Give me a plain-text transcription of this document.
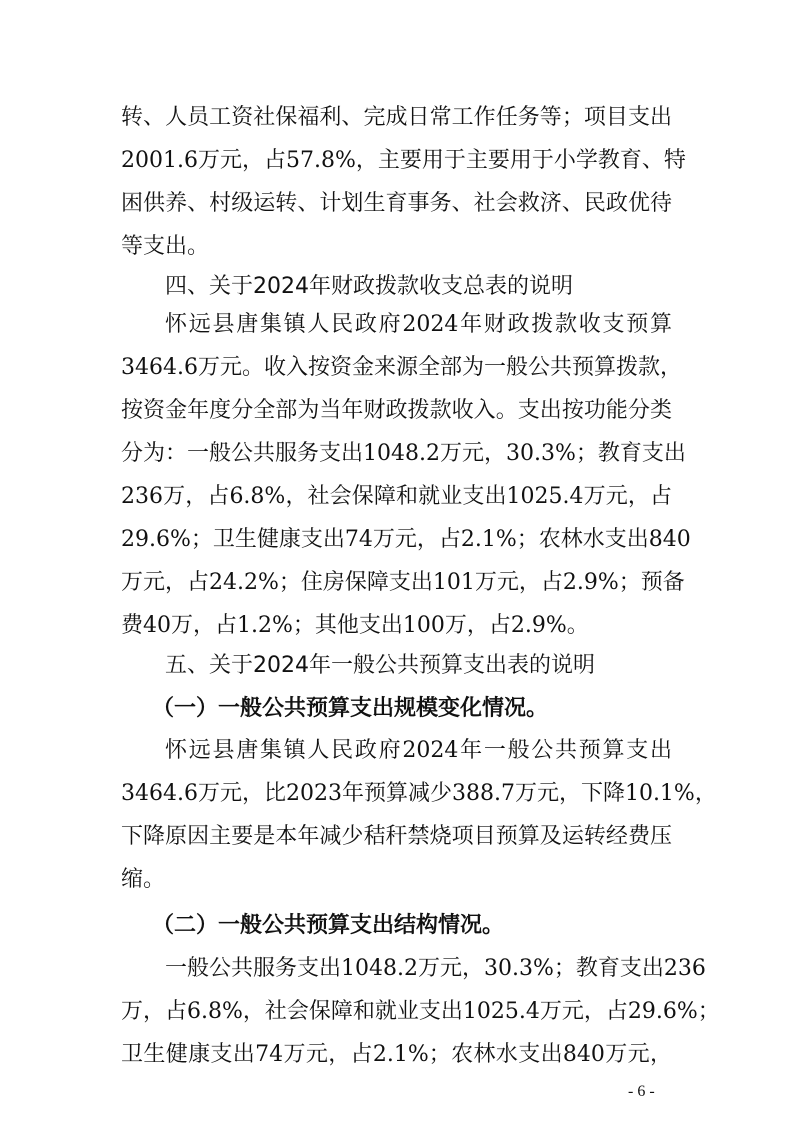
转、人员工资社保福利、完成日常工作任务等；项目支出

2001.6万元，占57.8%，主要用于主要用于小学教育、特

困供养、村级运转、计划生育事务、社会救济、民政优待

等支出。

四、关于2024年财政拨款收支总表的说明

怀远县唐集镇人民政府2024年财政拨款收支预算

3464.6万元。收入按资金来源全部为一般公共预算拨款，

按资金年度分全部为当年财政拨款收入。支出按功能分类

分为：一般公共服务支出1048.2万元，30.3%；教育支出

236万，占6.8%，社会保障和就业支出1025.4万元，占

29.6%；卫生健康支出74万元，占2.1%；农林水支出840

万元，占24.2%；住房保障支出101万元，占2.9%；预备

费40万，占1.2%；其他支出100万，占2.9%。

五、关于2024年一般公共预算支出表的说明
（一）一般公共预算支出规模变化情况。

怀远县唐集镇人民政府2024年一般公共预算支出

3464.6万元，比2023年预算减少388.7万元，下降10.1%，

下降原因主要是本年减少秸秆禁烧项目预算及运转经费压

缩。

（二）一般公共预算支出结构情况。

一般公共服务支出1048.2万元，30.3%；教育支出236

万，占6.8%，社会保障和就业支出1025.4万元，占29.6%；

卫生健康支出74万元，占2.1%；农林水支出840万元，

- 6 -
